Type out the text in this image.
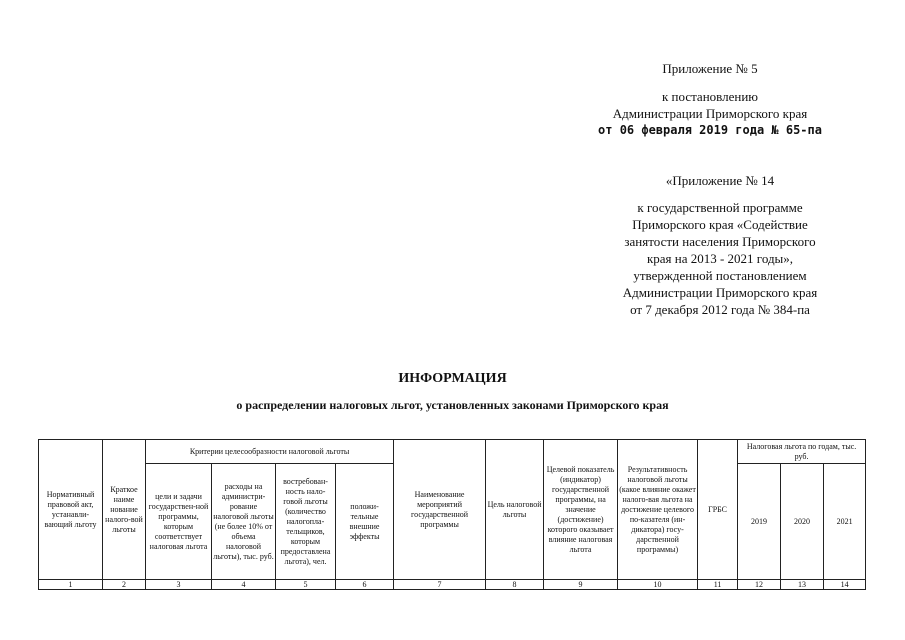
Приложение № 5
к постановлению
Администрации Приморского края
от 06 февраля 2019 года № 65-па
«Приложение № 14
к государственной программе
Приморского края «Содействие
занятости населения Приморского
края на 2013 - 2021 годы»,
утвержденной постановлением
Администрации Приморского края
от 7 декабря 2012 года № 384-па
ИНФОРМАЦИЯ
о распределении налоговых льгот, установленных законами Приморского края
Нормативный правовой акт, устанавли-вающий льготу	Краткое наиме нование налого-вой льготы	Критерии целесообразности налоговой льготы				Наименование мероприятий государственной программы	Цель налоговой льготы	Целевой показатель (индикатор) государственной программы, на значение (достижение) которого оказывает влияние налоговая льгота	Результативность налоговой льготы (какое влияние окажет налого-вая льгота на достижение целевого по-казателя (ин-дикатора) госу-дарственной программы)	ГРБС	Налоговая льгота по годам, тыс. руб.		
		цели и задачи государствен-ной программы, которым соответствует налоговая льгота	расходы на администри-рование налоговой льготы (не более 10% от объема налоговой льготы), тыс. руб.	востребован-ность нало-говой льготы (количество налогопла-тельщиков, которым предоставлена льгота), чел.	положи-тельные внешние эффекты						2019	2020	2021
1	2	3	4	5	6	7	8	9	10	11	12	13	14
